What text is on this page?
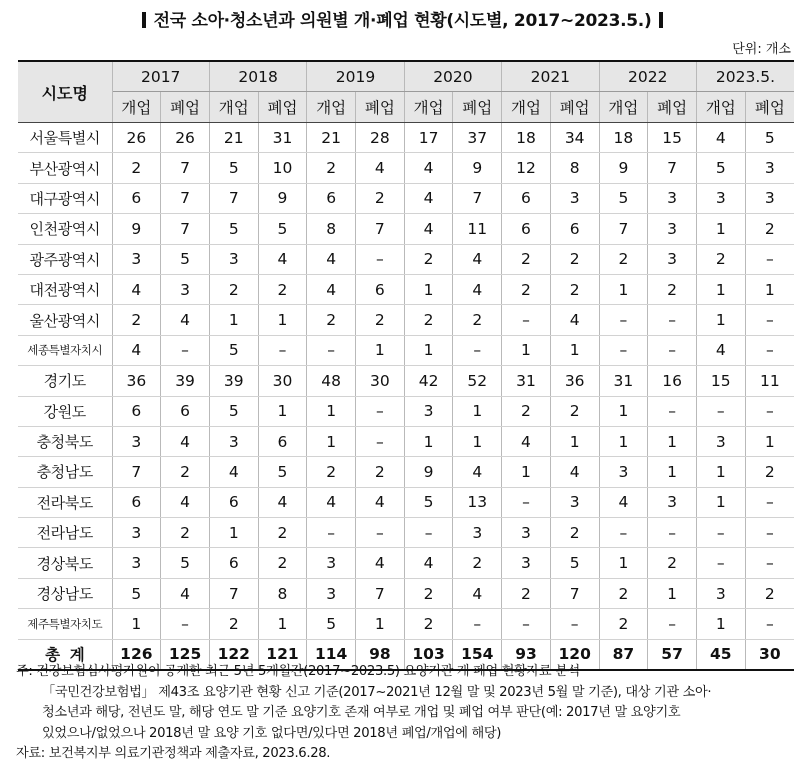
전국 소아·청소년과 의원별 개·폐업 현황(시도별, 2017~2023.5.)
단위: 개소
시도명	2017		2018		2019		2020		2021		2022		2023.5.	
	개업	폐업	개업	폐업	개업	폐업	개업	폐업	개업	폐업	개업	폐업	개업	폐업
서울특별시	26	26	21	31	21	28	17	37	18	34	18	15	4	5
부산광역시	2	7	5	10	2	4	4	9	12	8	9	7	5	3
대구광역시	6	7	7	9	6	2	4	7	6	3	5	3	3	3
인천광역시	9	7	5	5	8	7	4	11	6	6	7	3	1	2
광주광역시	3	5	3	4	4	–	2	4	2	2	2	3	2	–
대전광역시	4	3	2	2	4	6	1	4	2	2	1	2	1	1
울산광역시	2	4	1	1	2	2	2	2	–	4	–	–	1	–
세종특별자치시	4	–	5	–	–	1	1	–	1	1	–	–	4	–
경기도	36	39	39	30	48	30	42	52	31	36	31	16	15	11
강원도	6	6	5	1	1	–	3	1	2	2	1	–	–	–
충청북도	3	4	3	6	1	–	1	1	4	1	1	1	3	1
충청남도	7	2	4	5	2	2	9	4	1	4	3	1	1	2
전라북도	6	4	6	4	4	4	5	13	–	3	4	3	1	–
전라남도	3	2	1	2	–	–	–	3	3	2	–	–	–	–
경상북도	3	5	6	2	3	4	4	2	3	5	1	2	–	–
경상남도	5	4	7	8	3	7	2	4	2	7	2	1	3	2
제주특별자치도	1	–	2	1	5	1	2	–	–	–	2	–	1	–
총  계	126	125	122	121	114	98	103	154	93	120	87	57	45	30
주: 건강보험심사평가원이 공개한 최근 5년 5개월간(2017~2023.5) 요양기관 개·폐업 현황자료 분석
「국민건강보험법」 제43조 요양기관 현황 신고 기준(2017~2021년 12월 말 및 2023년 5월 말 기준), 대상 기관 소아·
청소년과 해당, 전년도 말, 해당 연도 말 기준 요양기호 존재 여부로 개업 및 폐업 여부 판단(예: 2017년 말 요양기호
있었으나/없었으나 2018년 말 요양 기호 없다면/있다면 2018년 폐업/개업에 해당)
자료: 보건복지부 의료기관정책과 제출자료, 2023.6.28.
